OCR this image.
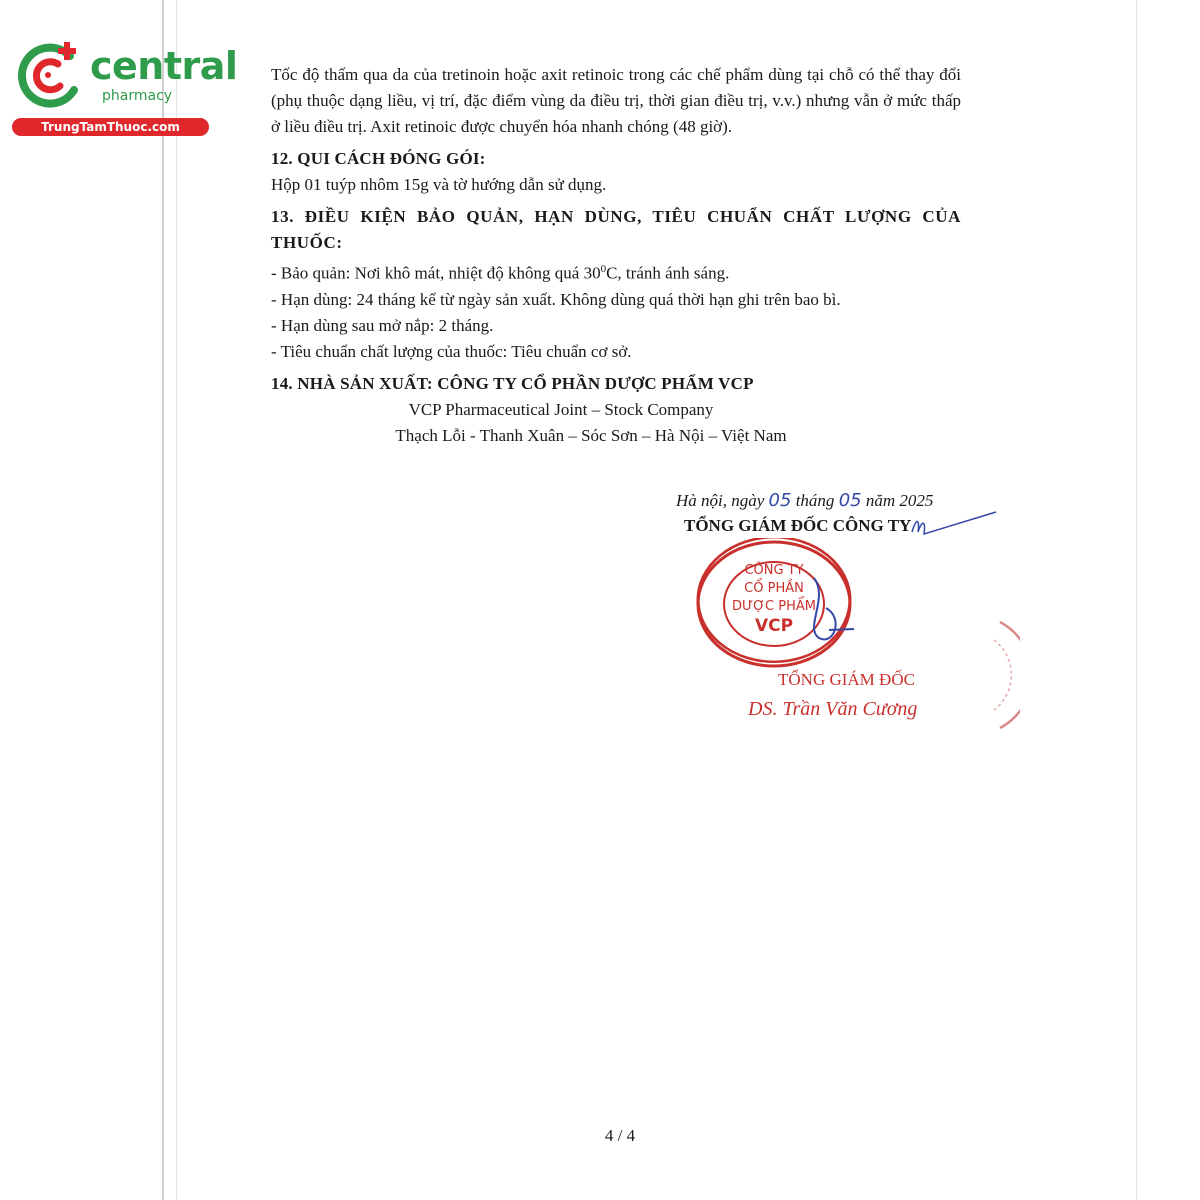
central
pharmacy
TrungTamThuoc.com

Tốc độ thấm qua da của tretinoin hoặc axit retinoic trong các chế phẩm dùng tại chỗ có thể thay đổi (phụ thuộc dạng liều, vị trí, đặc điểm vùng da điều trị, thời gian điều trị, v.v.) nhưng vẫn ở mức thấp ở liều điều trị. Axit retinoic được chuyển hóa nhanh chóng (48 giờ).

12. QUI CÁCH ĐÓNG GÓI:

Hộp 01 tuýp nhôm 15g và tờ hướng dẫn sử dụng.

13. ĐIỀU KIỆN BẢO QUẢN, HẠN DÙNG, TIÊU CHUẨN CHẤT LƯỢNG CỦA THUỐC:

- Bảo quản: Nơi khô mát, nhiệt độ không quá $30^0C$, tránh ánh sáng.

- Hạn dùng: 24 tháng kể từ ngày sản xuất. Không dùng quá thời hạn ghi trên bao bì.

- Hạn dùng sau mở nắp: 2 tháng.

- Tiêu chuẩn chất lượng của thuốc: Tiêu chuẩn cơ sở.

14. NHÀ SẢN XUẤT: CÔNG TY CỔ PHẦN DƯỢC PHẨM VCP

VCP Pharmaceutical Joint – Stock Company

Thạch Lỗi - Thanh Xuân – Sóc Sơn – Hà Nội – Việt Nam

Hà nội, ngày 05 tháng 05 năm 2025
TỔNG GIÁM ĐỐC CÔNG TY
CÔNG TY
CỔ PHẦN
DƯỢC PHẨM
VCP
TỔNG GIÁM ĐỐC
DS. Trần Văn Cương
4 / 4
